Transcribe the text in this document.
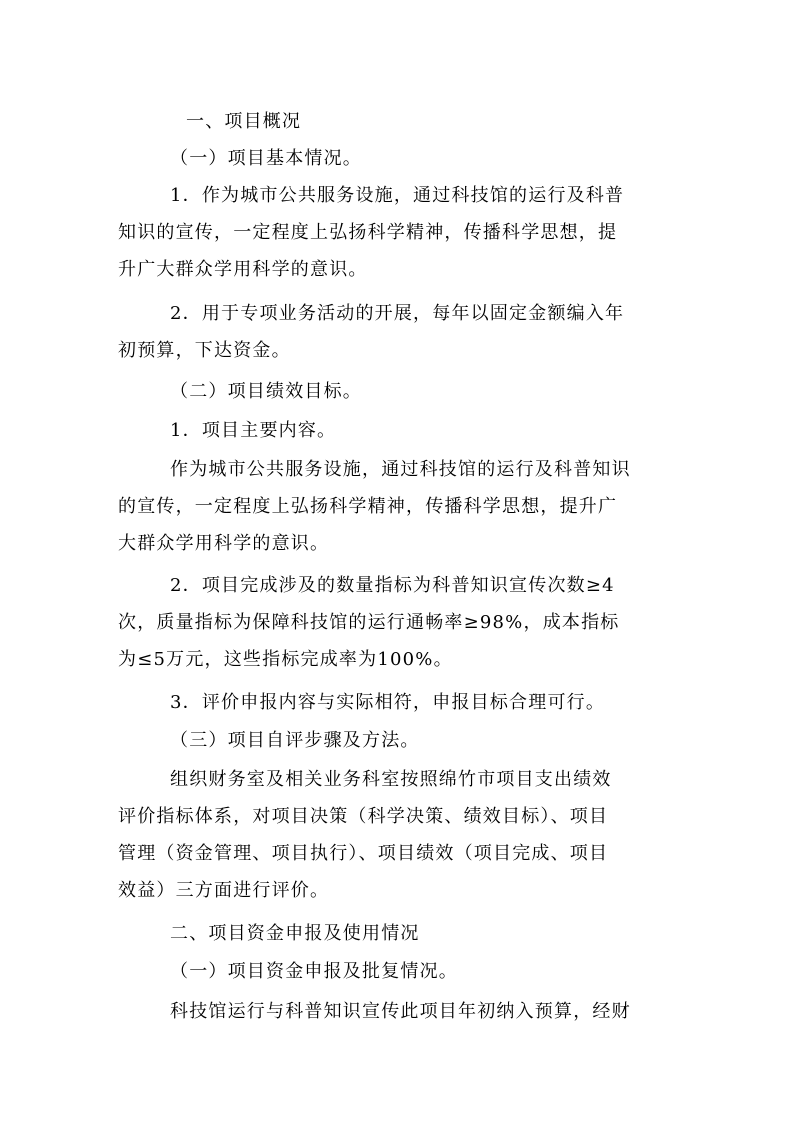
一、项目概况
（一）项目基本情况。
1．作为城市公共服务设施，通过科技馆的运行及科普
知识的宣传，一定程度上弘扬科学精神，传播科学思想，提
升广大群众学用科学的意识。
2．用于专项业务活动的开展，每年以固定金额编入年
初预算，下达资金。
（二）项目绩效目标。
1．项目主要内容。
作为城市公共服务设施，通过科技馆的运行及科普知识
的宣传，一定程度上弘扬科学精神，传播科学思想，提升广
大群众学用科学的意识。
2．项目完成涉及的数量指标为科普知识宣传次数≥4
次，质量指标为保障科技馆的运行通畅率≥98%，成本指标
为≤5万元，这些指标完成率为100%。
3．评价申报内容与实际相符，申报目标合理可行。
（三）项目自评步骤及方法。
组织财务室及相关业务科室按照绵竹市项目支出绩效
评价指标体系，对项目决策（科学决策、绩效目标）、项目
管理（资金管理、项目执行）、项目绩效（项目完成、项目
效益）三方面进行评价。
二、项目资金申报及使用情况
（一）项目资金申报及批复情况。
科技馆运行与科普知识宣传此项目年初纳入预算，经财
